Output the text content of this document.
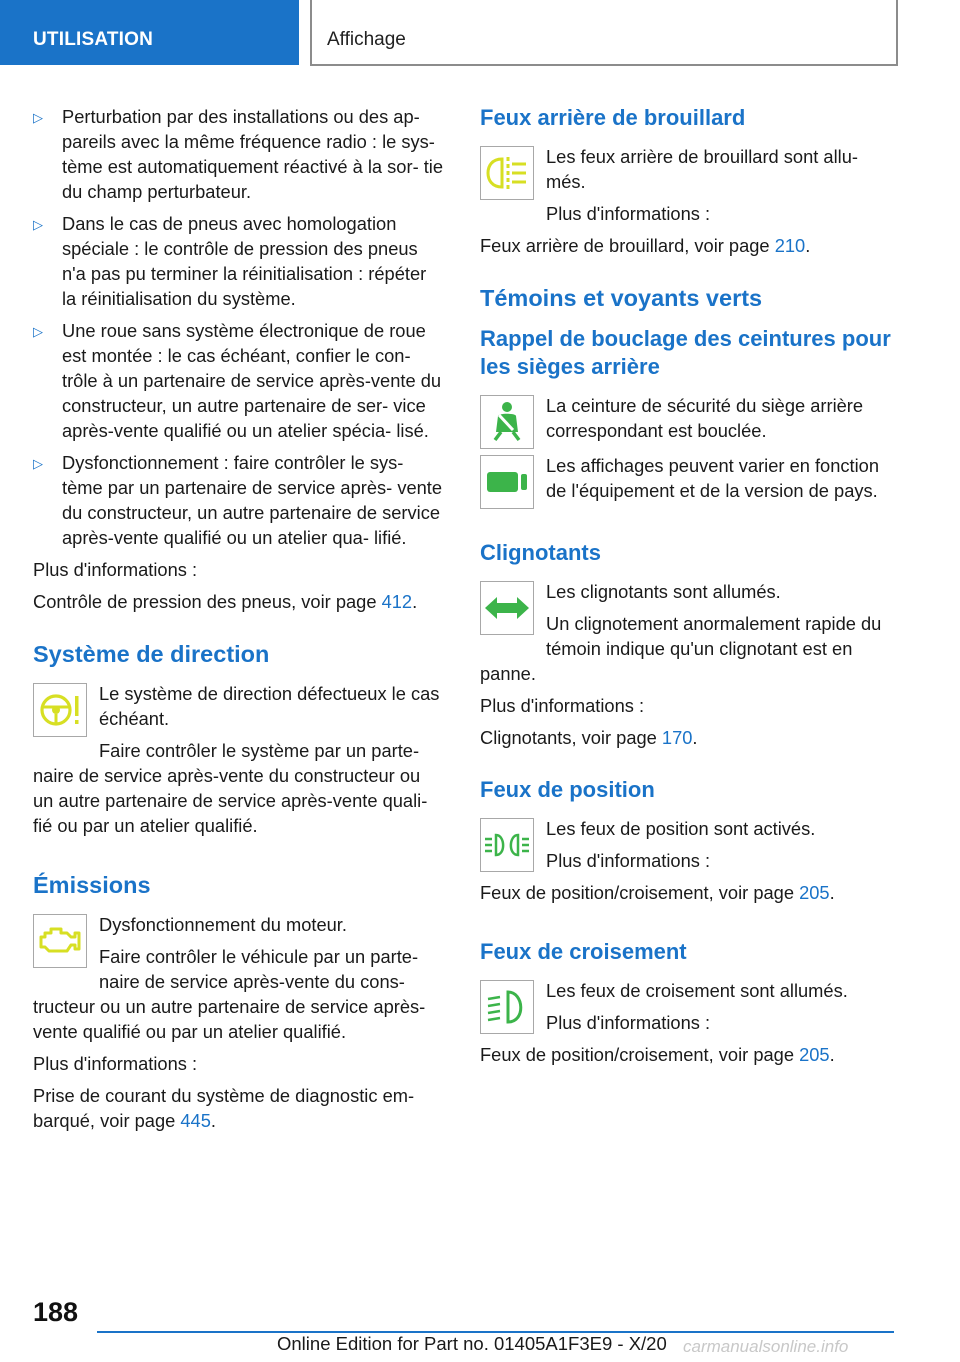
UTILISATION	Affichage
▷ Perturbation par des installations ou des ap‐ pareils avec la même fréquence radio : le sys‐ tème est automatiquement réactivé à la sor‐ tie du champ perturbateur.
▷ Dans le cas de pneus avec homologation spéciale : le contrôle de pression des pneus n'a pas pu terminer la réinitialisation : répéter la réinitialisation du système.
▷ Une roue sans système électronique de roue est montée : le cas échéant, confier le con‐ trôle à un partenaire de service après-vente du constructeur, un autre partenaire de ser‐ vice après-vente qualifié ou un atelier spécia‐ lisé.
▷ Dysfonctionnement : faire contrôler le sys‐ tème par un partenaire de service après- vente du constructeur, un autre partenaire de service après-vente qualifié ou un atelier qua‐ lifié.

Plus d'informations :

Contrôle de pression des pneus, voir page 412.

Système de direction

Le système de direction défectueux le cas échéant.

Faire contrôler le système par un parte‐ naire de service après-vente du constructeur ou un autre partenaire de service après-vente quali‐ fié ou par un atelier qualifié.

Émissions

Dysfonctionnement du moteur.

Faire contrôler le véhicule par un parte‐ naire de service après-vente du cons‐ tructeur ou un autre partenaire de service après- vente qualifié ou par un atelier qualifié.

Plus d'informations :

Prise de courant du système de diagnostic em‐ barqué, voir page 445.

Feux arrière de brouillard

Les feux arrière de brouillard sont allu‐ més.

Plus d'informations :

Feux arrière de brouillard, voir page 210.

Témoins et voyants verts
Rappel de bouclage des ceintures pour les sièges arrière

La ceinture de sécurité du siège arrière correspondant est bouclée.

Les affichages peuvent varier en fonction de l'équipement et de la version de pays.

Clignotants

Les clignotants sont allumés.

Un clignotement anormalement rapide du témoin indique qu'un clignotant est en panne.

Plus d'informations :

Clignotants, voir page 170.

Feux de position

Les feux de position sont activés.

Plus d'informations :

Feux de position/croisement, voir page 205.

Feux de croisement

Les feux de croisement sont allumés.

Plus d'informations :

Feux de position/croisement, voir page 205.

188
Online Edition for Part no. 01405A1F3E9 - X/20 carmanualsonline.info
